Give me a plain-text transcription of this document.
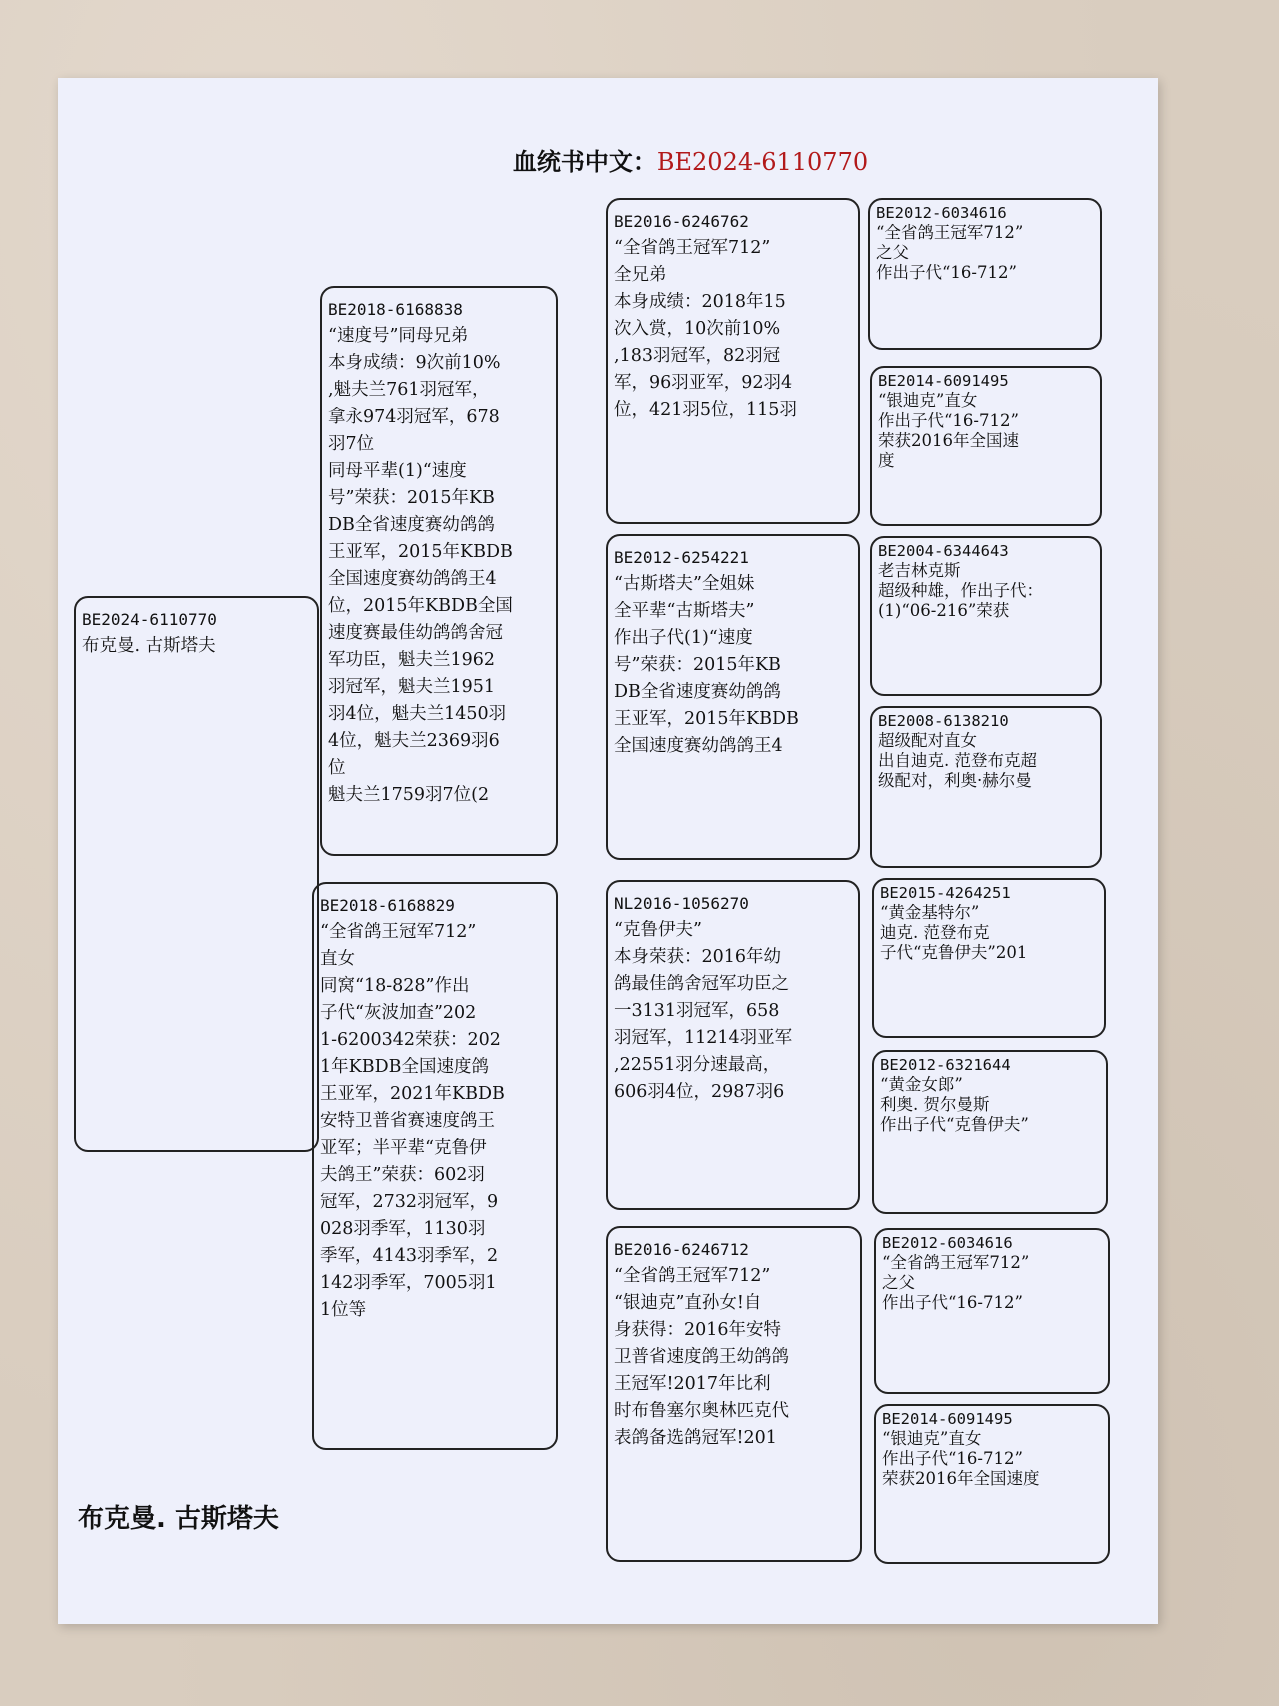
血统书中文：BE2024-6110770
BE2024-6110770
布克曼. 古斯塔夫
BE2018-6168838
“速度号”同母兄弟
本身成绩：9次前10%
,魁夫兰761羽冠军，
拿永974羽冠军，678
羽7位
同母平辈(1)“速度
号”荣获：2015年KB
DB全省速度赛幼鸽鸽
王亚军，2015年KBDB
全国速度赛幼鸽鸽王4
位，2015年KBDB全国
速度赛最佳幼鸽鸽舍冠
军功臣，魁夫兰1962
羽冠军，魁夫兰1951
羽4位，魁夫兰1450羽
4位，魁夫兰2369羽6
位
魁夫兰1759羽7位(2
BE2018-6168829
“全省鸽王冠军712”
直女
同窝“18-828”作出
子代“灰波加查”202
1-6200342荣获：202
1年KBDB全国速度鸽
王亚军，2021年KBDB
安特卫普省赛速度鸽王
亚军；半平辈“克鲁伊
夫鸽王”荣获：602羽
冠军，2732羽冠军，9
028羽季军，1130羽
季军，4143羽季军，2
142羽季军，7005羽1
1位等
BE2016-6246762
“全省鸽王冠军712”
全兄弟
本身成绩：2018年15
次入赏，10次前10%
,183羽冠军，82羽冠
军，96羽亚军，92羽4
位，421羽5位，115羽
BE2012-6254221
“古斯塔夫”全姐妹
全平辈“古斯塔夫”
作出子代(1)“速度
号”荣获：2015年KB
DB全省速度赛幼鸽鸽
王亚军，2015年KBDB
全国速度赛幼鸽鸽王4
NL2016-1056270
“克鲁伊夫”
本身荣获：2016年幼
鸽最佳鸽舍冠军功臣之
一3131羽冠军，658
羽冠军，11214羽亚军
,22551羽分速最高，
606羽4位，2987羽6
BE2016-6246712
“全省鸽王冠军712”
“银迪克”直孙女!自
身获得：2016年安特
卫普省速度鸽王幼鸽鸽
王冠军!2017年比利
时布鲁塞尔奥林匹克代
表鸽备选鸽冠军!201
BE2012-6034616
“全省鸽王冠军712”
之父
作出子代“16-712”
BE2014-6091495
“银迪克”直女
作出子代“16-712”
荣获2016年全国速
度
BE2004-6344643
老吉林克斯
超级种雄，作出子代：
(1)“06-216”荣获
BE2008-6138210
超级配对直女
出自迪克. 范登布克超
级配对，利奥·赫尔曼
BE2015-4264251
“黄金基特尔”
迪克. 范登布克
子代“克鲁伊夫”201
BE2012-6321644
“黄金女郎”
利奥. 贺尔曼斯
作出子代“克鲁伊夫”
BE2012-6034616
“全省鸽王冠军712”
之父
作出子代“16-712”
BE2014-6091495
“银迪克”直女
作出子代“16-712”
荣获2016年全国速度
布克曼. 古斯塔夫
